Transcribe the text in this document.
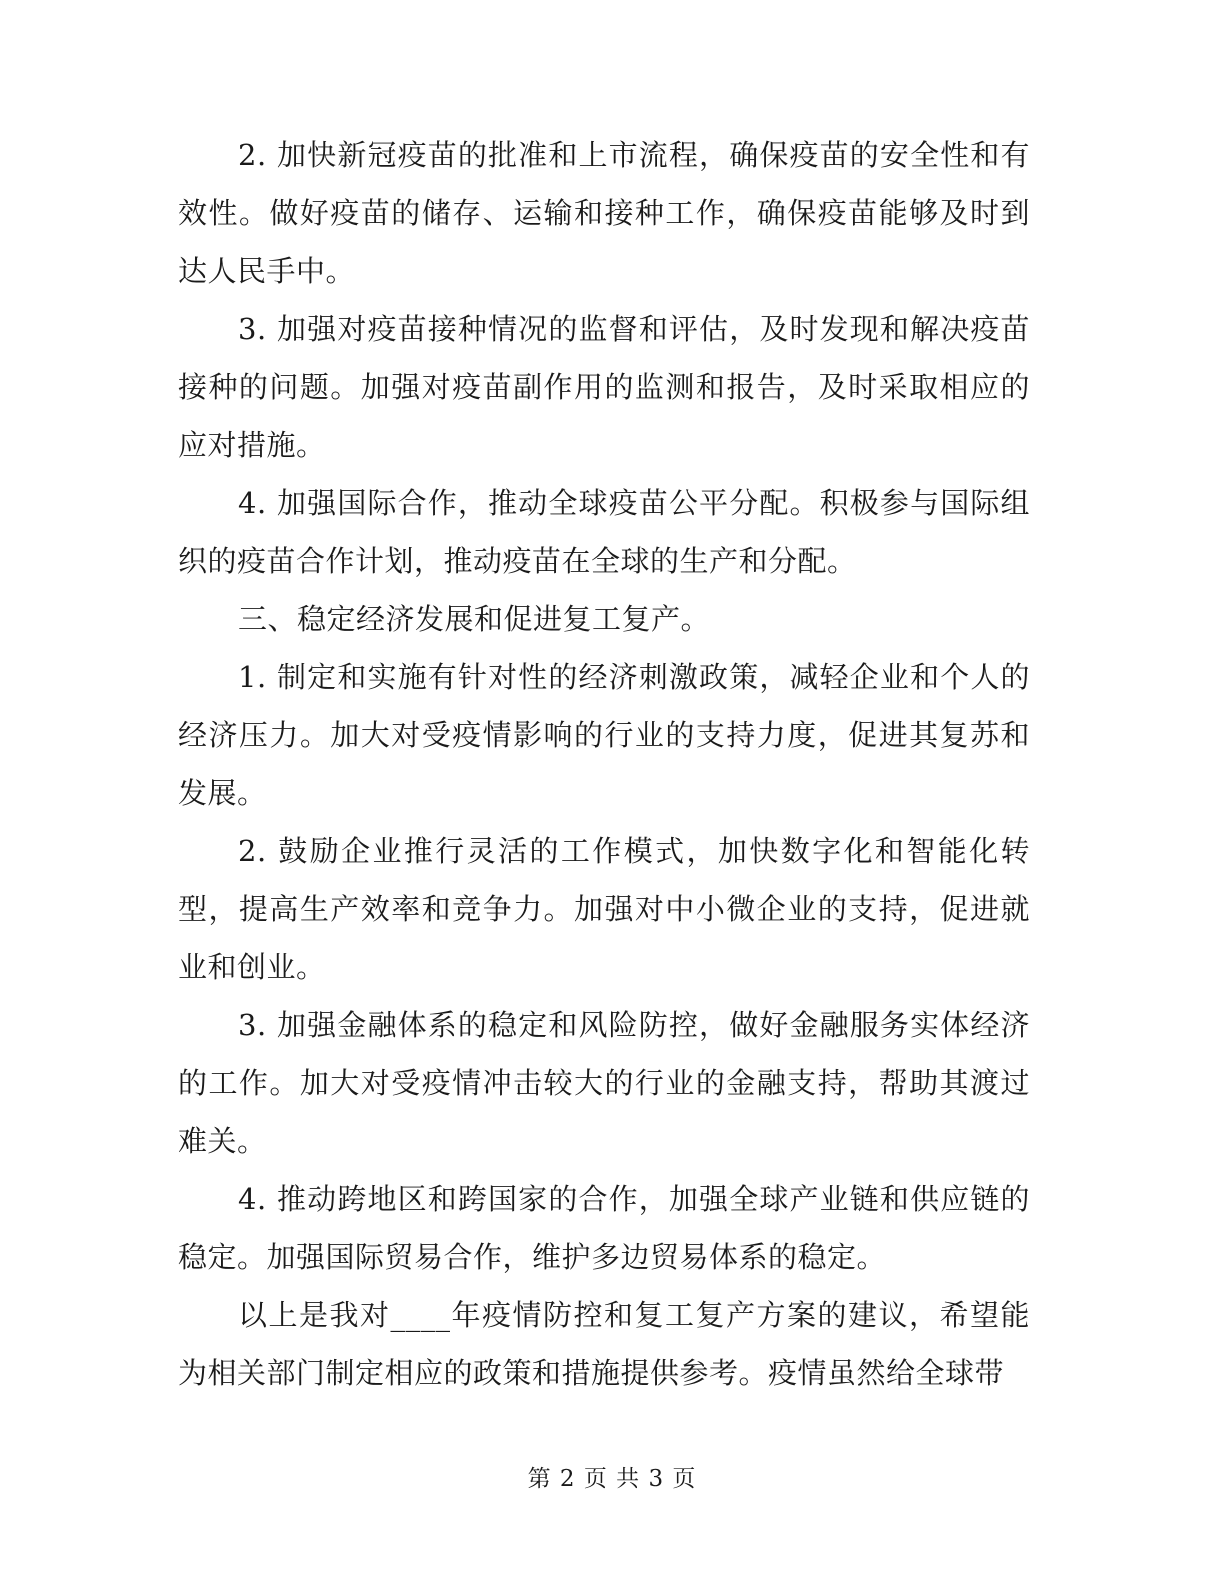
2. 加快新冠疫苗的批准和上市流程，确保疫苗的安全性和有效性。做好疫苗的储存、运输和接种工作，确保疫苗能够及时到达人民手中。

3. 加强对疫苗接种情况的监督和评估，及时发现和解决疫苗接种的问题。加强对疫苗副作用的监测和报告，及时采取相应的应对措施。

4. 加强国际合作，推动全球疫苗公平分配。积极参与国际组织的疫苗合作计划，推动疫苗在全球的生产和分配。

三、稳定经济发展和促进复工复产。

1. 制定和实施有针对性的经济刺激政策，减轻企业和个人的经济压力。加大对受疫情影响的行业的支持力度，促进其复苏和发展。

2. 鼓励企业推行灵活的工作模式，加快数字化和智能化转型，提高生产效率和竞争力。加强对中小微企业的支持，促进就业和创业。

3. 加强金融体系的稳定和风险防控，做好金融服务实体经济的工作。加大对受疫情冲击较大的行业的金融支持，帮助其渡过难关。

4. 推动跨地区和跨国家的合作，加强全球产业链和供应链的稳定。加强国际贸易合作，维护多边贸易体系的稳定。

以上是我对____年疫情防控和复工复产方案的建议，希望能为相关部门制定相应的政策和措施提供参考。疫情虽然给全球带

第 2 页 共 3 页
